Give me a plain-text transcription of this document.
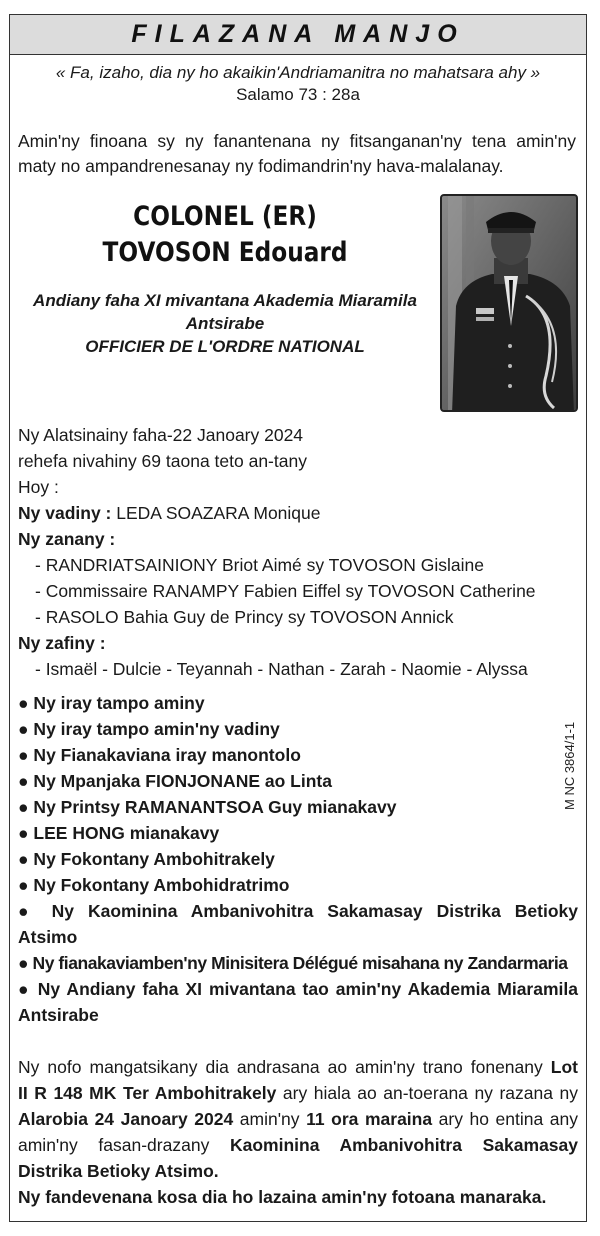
FILAZANA MANJO
« Fa, izaho, dia ny ho akaikin'Andriamanitra no mahatsara ahy »
Salamo 73 : 28a
Amin'ny finoana sy ny fanantenana ny fitsanganan'ny tena amin'ny
maty no ampandrenesanay ny fodimandrin'ny hava-malalanay.
COLONEL (ER)
TOVOSON Edouard
Andiany faha XI mivantana Akademia Miaramila
Antsirabe
OFFICIER DE L'ORDRE NATIONAL
Ny Alatsinainy faha-22 Janoary 2024
rehefa nivahiny 69 taona teto an-tany
Hoy :
Ny vadiny : LEDA SOAZARA Monique
Ny zanany :
- RANDRIATSAINIONY Briot Aimé sy TOVOSON Gislaine
- Commissaire RANAMPY Fabien Eiffel sy TOVOSON Catherine
- RASOLO Bahia Guy de Princy sy TOVOSON Annick
Ny zafiny :
- Ismaël - Dulcie - Teyannah - Nathan - Zarah - Naomie - Alyssa
● Ny iray tampo aminy
● Ny iray tampo amin'ny vadiny
● Ny Fianakaviana iray manontolo
● Ny Mpanjaka FIONJONANE ao Linta
● Ny Printsy RAMANANTSOA Guy mianakavy
● LEE HONG mianakavy
● Ny Fokontany Ambohitrakely
● Ny Fokontany Ambohidratrimo
● Ny Kaominina Ambanivohitra Sakamasay Distrika Betioky
Atsimo
● Ny fianakaviamben'ny Minisitera Délégué misahana ny Zandarmaria
● Ny Andiany faha XI mivantana tao amin'ny Akademia Miaramila
Antsirabe
Ny nofo mangatsikany dia andrasana ao amin'ny trano fonenany Lot
II R 148 MK Ter Ambohitrakely ary hiala ao an-toerana ny razana ny
Alarobia 24 Janoary 2024 amin'ny 11 ora maraina ary ho entina any
amin'ny fasan-drazany Kaominina Ambanivohitra Sakamasay
Distrika Betioky Atsimo.
Ny fandevenana kosa dia ho lazaina amin'ny fotoana manaraka.
M NC 3864/1-1
